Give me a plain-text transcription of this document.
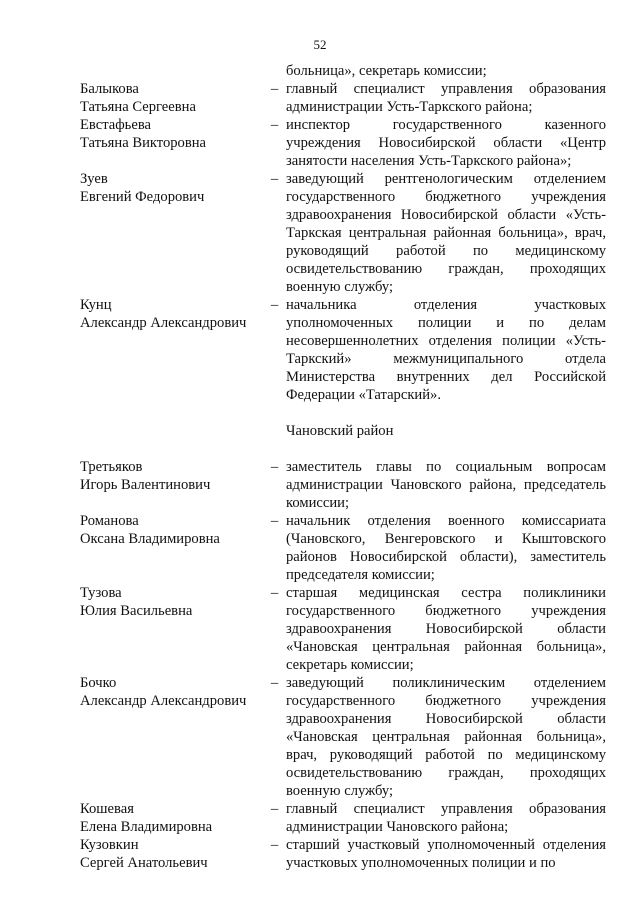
52
больница», секретарь комиссии;
Балыкова
Татьяна Сергеевна
– главный специалист управления образования администрации Усть-Таркского района;
Евстафьева
Татьяна Викторовна
– инспектор государственного казенного учреждения Новосибирской области «Центр занятости населения Усть-Таркского района»;
Зуев
Евгений Федорович
– заведующий рентгенологическим отделением государственного бюджетного учреждения здравоохранения Новосибирской области «Усть-Таркская центральная районная больница», врач, руководящий работой по медицинскому освидетельствованию граждан, проходящих военную службу;
Кунц
Александр Александрович
– начальника отделения участковых уполномоченных полиции и по делам несовершеннолетних отделения полиции «Усть-Таркский» межмуниципального отдела Министерства внутренних дел Российской Федерации «Татарский».
Чановский район
Третьяков
Игорь Валентинович
– заместитель главы по социальным вопросам администрации Чановского района, председатель комиссии;
Романова
Оксана Владимировна
– начальник отделения военного комиссариата (Чановского, Венгеровского и Кыштовского районов Новосибирской области), заместитель председателя комиссии;
Тузова
Юлия Васильевна
– старшая медицинская сестра поликлиники государственного бюджетного учреждения здравоохранения Новосибирской области «Чановская центральная районная больница», секретарь комиссии;
Бочко
Александр Александрович
– заведующий поликлиническим отделением государственного бюджетного учреждения здравоохранения Новосибирской области «Чановская центральная районная больница», врач, руководящий работой по медицинскому освидетельствованию граждан, проходящих военную службу;
Кошевая
Елена Владимировна
– главный специалист управления образования администрации Чановского района;
Кузовкин
Сергей Анатольевич
– старший участковый уполномоченный отделения участковых уполномоченных полиции и по
